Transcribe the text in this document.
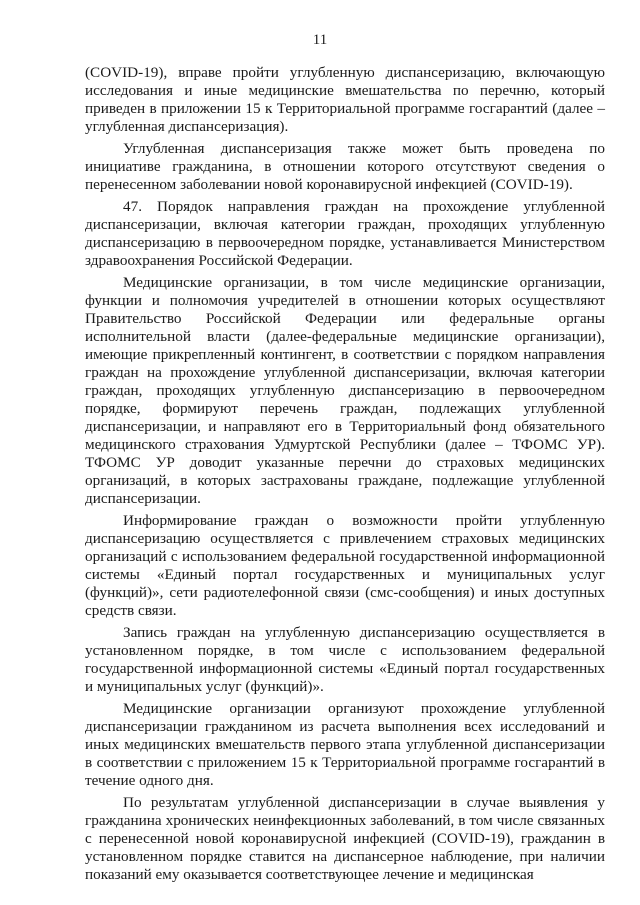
11

(COVID-19), вправе пройти углубленную диспансеризацию, включающую исследования и иные медицинские вмешательства по перечню, который приведен в приложении 15 к Территориальной программе госгарантий (далее – углубленная диспансеризация).

Углубленная диспансеризация также может быть проведена по инициативе гражданина, в отношении которого отсутствуют сведения о перенесенном заболевании новой коронавирусной инфекцией (COVID-19).

47. Порядок направления граждан на прохождение углубленной диспансеризации, включая категории граждан, проходящих углубленную диспансеризацию в первоочередном порядке, устанавливается Министерством здравоохранения Российской Федерации.

Медицинские организации, в том числе медицинские организации, функции и полномочия учредителей в отношении которых осуществляют Правительство Российской Федерации или федеральные органы исполнительной власти (далее-федеральные медицинские организации), имеющие прикрепленный контингент, в соответствии с порядком направления граждан на прохождение углубленной диспансеризации, включая категории граждан, проходящих углубленную диспансеризацию в первоочередном порядке, формируют перечень граждан, подлежащих углубленной диспансеризации, и направляют его в Территориальный фонд обязательного медицинского страхования Удмуртской Республики (далее – ТФОМС УР). ТФОМС УР доводит указанные перечни до страховых медицинских организаций, в которых застрахованы граждане, подлежащие углубленной диспансеризации.

Информирование граждан о возможности пройти углубленную диспансеризацию осуществляется с привлечением страховых медицинских организаций с использованием федеральной государственной информационной системы «Единый портал государственных и муниципальных услуг (функций)», сети радиотелефонной связи (смс-сообщения) и иных доступных средств связи.

Запись граждан на углубленную диспансеризацию осуществляется в установленном порядке, в том числе с использованием федеральной государственной информационной системы «Единый портал государственных и муниципальных услуг (функций)».

Медицинские организации организуют прохождение углубленной диспансеризации гражданином из расчета выполнения всех исследований и иных медицинских вмешательств первого этапа углубленной диспансеризации в соответствии с приложением 15 к Территориальной программе госгарантий в течение одного дня.

По результатам углубленной диспансеризации в случае выявления у гражданина хронических неинфекционных заболеваний, в том числе связанных с перенесенной новой коронавирусной инфекцией (COVID-19), гражданин в установленном порядке ставится на диспансерное наблюдение, при наличии показаний ему оказывается соответствующее лечение и медицинская
